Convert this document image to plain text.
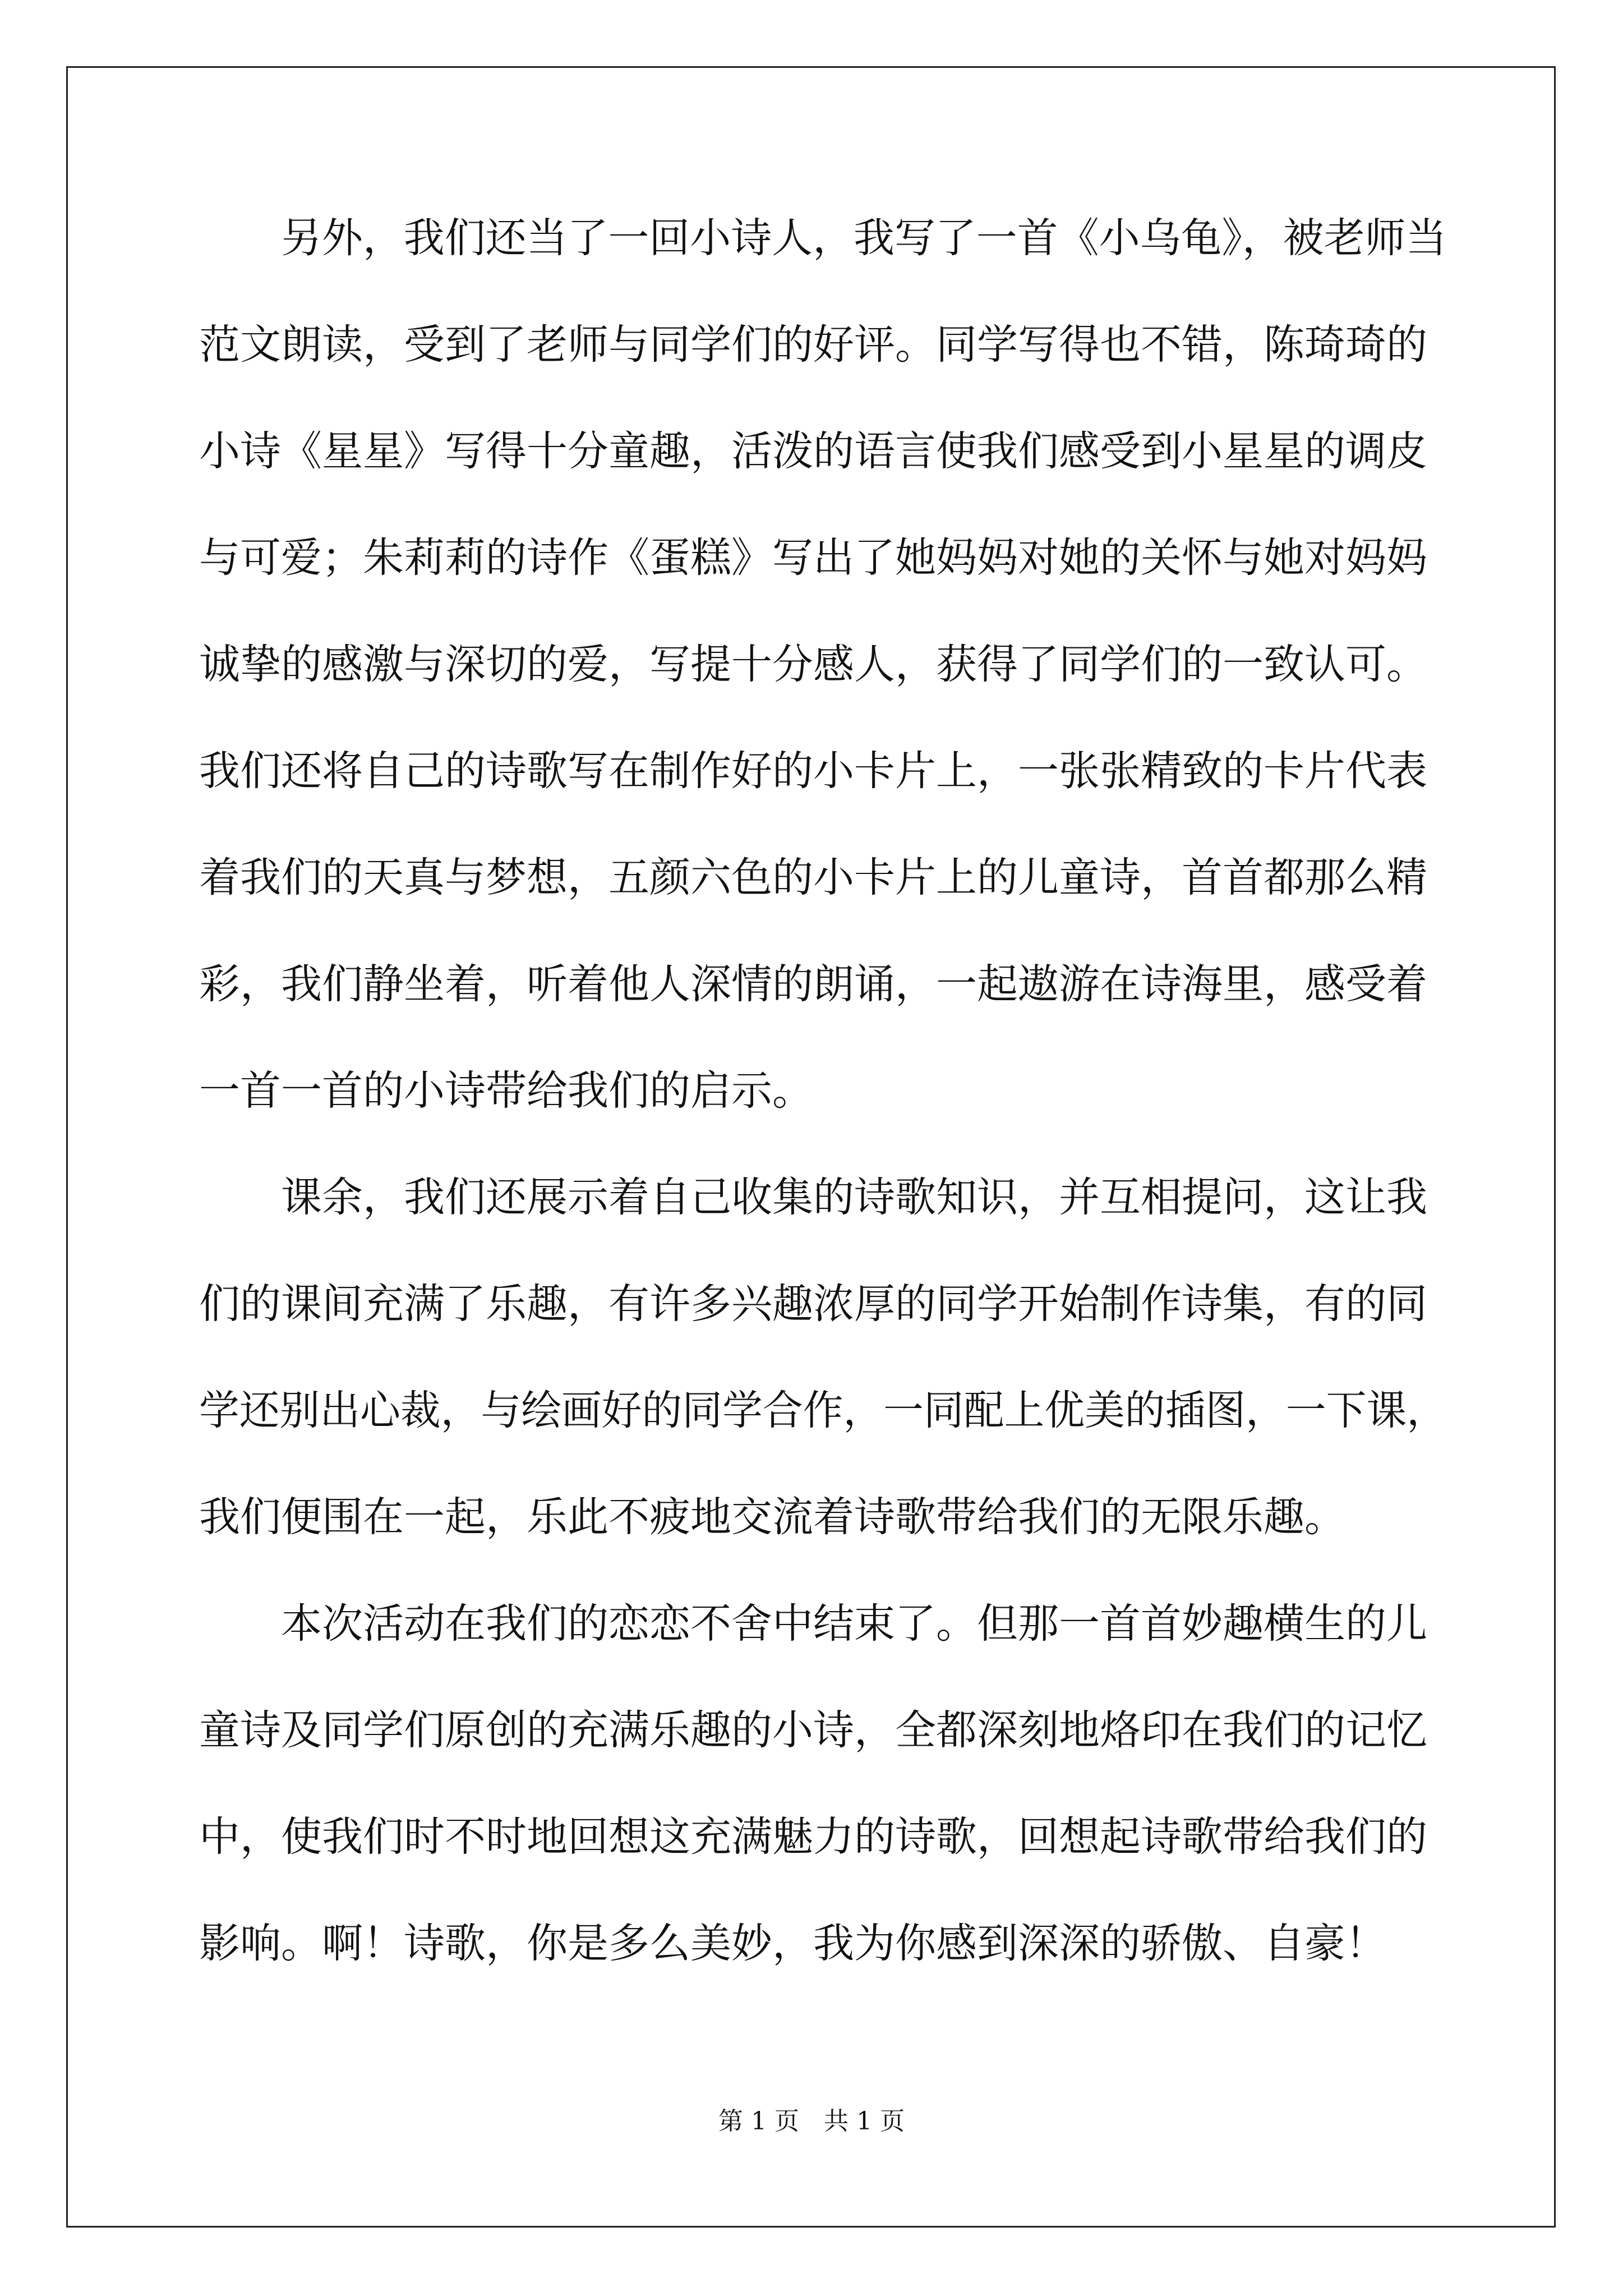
另外，我们还当了一回小诗人，我写了一首《小乌龟》，被老师当
范文朗读，受到了老师与同学们的好评。同学写得也不错，陈琦琦的
小诗《星星》写得十分童趣，活泼的语言使我们感受到小星星的调皮
与可爱；朱莉莉的诗作《蛋糕》写出了她妈妈对她的关怀与她对妈妈
诚挚的感激与深切的爱，写提十分感人，获得了同学们的一致认可。
我们还将自己的诗歌写在制作好的小卡片上，一张张精致的卡片代表
着我们的天真与梦想，五颜六色的小卡片上的儿童诗，首首都那么精
彩，我们静坐着，听着他人深情的朗诵，一起遨游在诗海里，感受着
一首一首的小诗带给我们的启示。
课余，我们还展示着自己收集的诗歌知识，并互相提问，这让我
们的课间充满了乐趣，有许多兴趣浓厚的同学开始制作诗集，有的同
学还别出心裁，与绘画好的同学合作，一同配上优美的插图，一下课，
我们便围在一起，乐此不疲地交流着诗歌带给我们的无限乐趣。
本次活动在我们的恋恋不舍中结束了。但那一首首妙趣横生的儿
童诗及同学们原创的充满乐趣的小诗，全都深刻地烙印在我们的记忆
中，使我们时不时地回想这充满魅力的诗歌，回想起诗歌带给我们的
影响。啊！诗歌，你是多么美妙，我为你感到深深的骄傲、自豪！
第 1 页　共 1 页
